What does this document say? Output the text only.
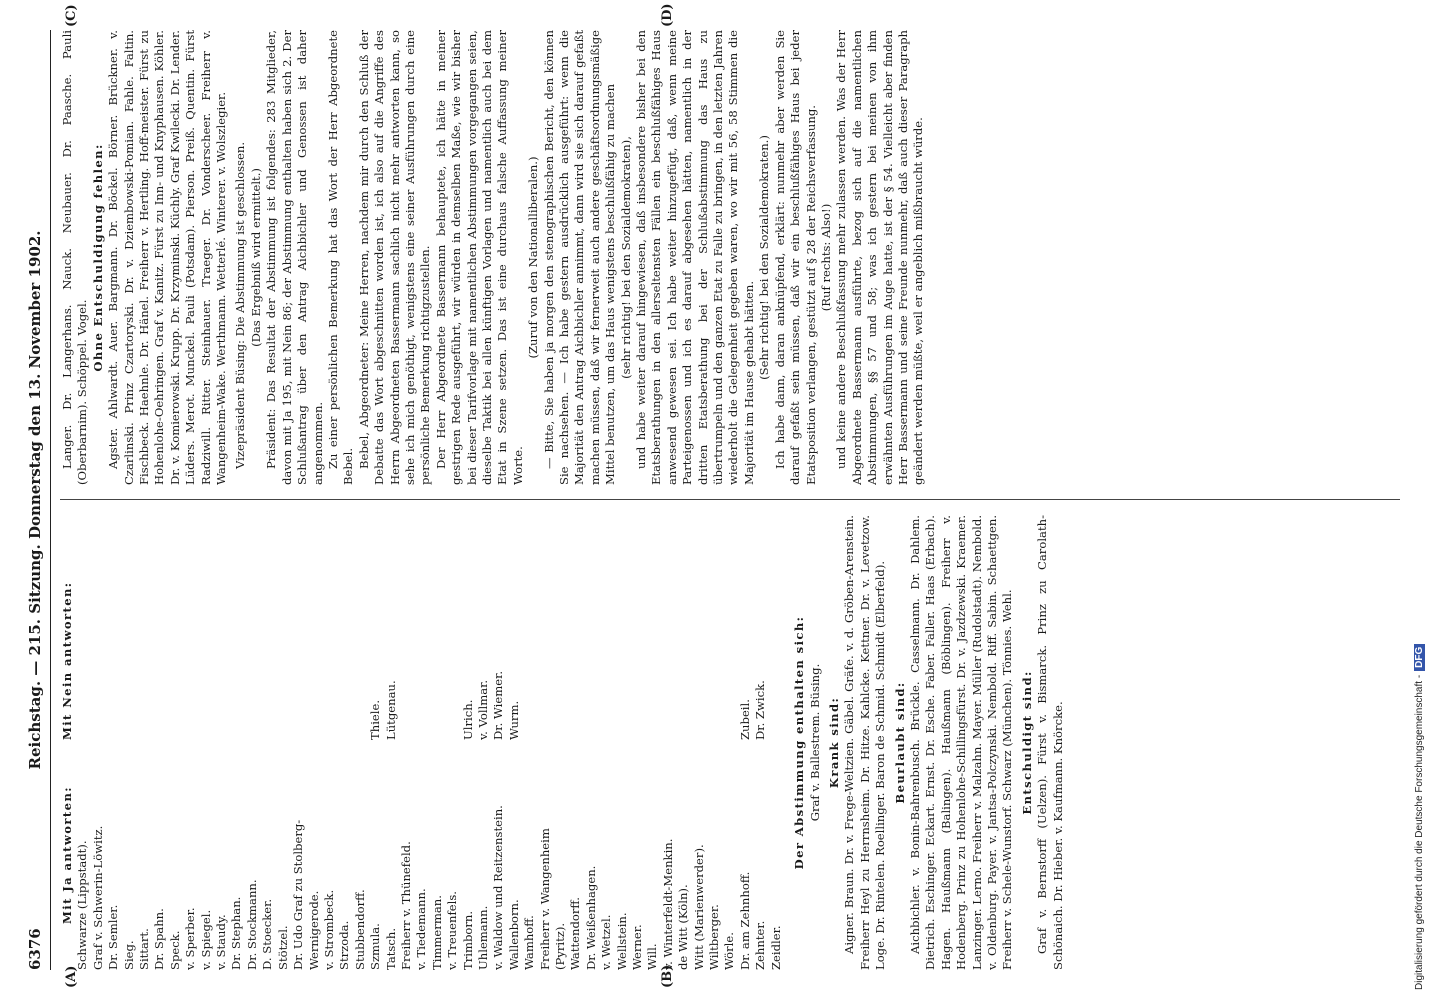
6376
Reichstag. — 215. Sitzung. Donnerstag den 13. November 1902.
(A)	(B)
(C)	(D)
Mit Ja antworten:
Mit Nein antworten:
Schwarze (Lippstadt). Graf v. Schwerin-Löwitz. Dr. Semler. Sieg. Sittart. Dr. Spahn. Speck. v. Sperber. v. Spiegel. v. Staudy. Dr. Stephan. Dr. Stockmann. D. Stoecker. Stötzel. Dr. Udo Graf zu Stolberg- Wernigerode. v. Strombeck. Strzoda. Stubbendorff. Szmula.
Thiele.
Tatsch.
Lütgenau.
Freiherr v. Thünefeld. v. Tiedemann. Timmerman. v. Treuenfels. Trimborn.
Ulrich.
Uhlemann.
v. Vollmar.
v. Waldow und Reitzenstein.
Dr. Wiemer.
Wallenborn.
Wurm.
Wamhoff. Freiherr v. Wangenheim (Pyritz). Wattendorff. Dr. Weißenhagen. v. Wetzel. Wellstein. Werner. Will. v. Winterfeldt-Menkin. de Witt (Köln). Witt (Marienwerder). Wiltberger. Wörle. Dr. am Zehnhoff.
Zubeil.
Zehnter.
Dr. Zwick.
Zeidler.
Der Abstimmung enthalten sich: Graf v. Ballestrem. Büsing. Krank sind: Aigner. Braun. Dr. v. Frege-Weltzien. Gäbel. Gräfe. v. d. Gröben-Arenstein. Freiherr Heyl zu Herrnsheim. Dr. Hitze. Kahlcke. Kettner. Dr. v. Levetzow. Loge. Dr. Rintelen. Roellinger. Baron de Schmid. Schmidt (Elberfeld). Beurlaubt sind: Aichbichler. v. Bonin-Bahrenbusch. Brückle. Casselmann. Dr. Dahlem. Dietrich. Eschinger. Eckart. Ernst. Dr. Esche. Faber. Faller. Haas (Erbach). Hagen. Haußmann (Balingen). Haußmann (Böblingen). Freiherr v. Hodenberg. Prinz zu Hohenlohe-Schillingsfürst. Dr. v. Jazdzewski. Kraemer. Lanzinger. Lerno. Freiherr v. Malzahn. Mayer. Müller (Rudolstadt). Nembold. v. Oldenburg. Payer. v. Jantsa-Polczynski. Nembold. Riff. Sabin. Schaettgen. Freiherr v. Schele-Wunstorf. Schwarz (München). Tönnies. Wehl. Entschuldigt sind: Graf v. Bernstorff (Uelzen). Fürst v. Bismarck. Prinz zu Carolath-Schönaich. Dr. Hieber. v. Kaufmann. Knörcke.
Langer. Dr. Langerhans. Nauck. Neubauer. Dr. Paasche. Pauli (Oberbarnim). Schöppel. Vogel.
Ohne Entschuldigung fehlen: Agster. Ahlwardt. Auer. Bargmann. Dr. Böckel. Börner. Brückner. v. Czarlinski. Prinz Czartoryski. Dr. v. Dziembowski-Pomian. Fahle. Faltin. Fischbeck. Haehnle. Dr. Hänel. Freiherr v. Hertling. Hoff-meister. Fürst zu Hohenlohe-Oehringen. Graf v. Kanitz. Fürst zu Inn- und Knyphausen. Köhler. Dr. v. Komierowski. Krupp. Dr. Krzyminski. Küchly. Graf Kwilecki. Dr. Lender. Lüders. Merot. Munckel. Pauli (Potsdam). Pierson. Preiß. Quentin. Fürst Radziwill. Ritter. Steinhauer. Traeger. Dr. Vonderscheer. Freiherr v. Wangenheim-Wake. Werthmann. Wetterlé. Winterer. v. Wolszlegier. Vizepräsident Büsing: Die Abstimmung ist geschlossen. (Das Ergebniß wird ermittelt.) Präsident: Das Resultat der Abstimmung ist folgendes: 283 Mitglieder, davon mit Ja 195, mit Nein 86; der Abstimmung enthalten haben sich 2. Der Schlußantrag über den Antrag Aichbichler und Genossen ist daher angenommen. Zu einer persönlichen Bemerkung hat das Wort der Herr Abgeordnete Bebel. Bebel, Abgeordneter: Meine Herren, nachdem mir durch den Schluß der Debatte das Wort abgeschnitten worden ist, ich also auf die Angriffe des Herrn Abgeordneten Bassermann sachlich nicht mehr antworten kann, so sehe ich mich genöthigt, wenigstens eine seiner Ausführungen durch eine persönliche Bemerkung richtigzustellen. Der Herr Abgeordnete Bassermann behauptete, ich hätte in meiner gestrigen Rede ausgeführt, wir würden in demselben Maße, wie wir bisher bei dieser Tarifvorlage mit namentlichen Abstimmungen vorgegangen seien, dieselbe Taktik bei allen künftigen Vorlagen und namentlich auch bei dem Etat in Szene setzen. Das ist eine durchaus falsche Auffassung meiner Worte.
(Zuruf von den Nationalliberalen.) — Bitte, Sie haben ja morgen den stenographischen Bericht, den können Sie nachsehen. — Ich habe gestern ausdrücklich ausgeführt: wenn die Majorität den Antrag Aichbichler annimmt, dann wird sie sich darauf gefaßt machen müssen, daß wir fernerweit auch andere geschäftsordnungsmäßige Mittel benutzen, um das Haus wenigstens beschlußfähig zu machen (sehr richtig! bei den Sozialdemokraten), und habe weiter darauf hingewiesen, daß insbesondere bisher bei den Etatsberathungen in den allerseltensten Fällen ein beschlußfähiges Haus anwesend gewesen sei. Ich habe weiter hinzugefügt, daß, wenn meine Parteigenossen und ich es darauf abgesehen hätten, namentlich in der dritten Etatsberathung bei der Schlußabstimmung das Haus zu übertrumpeln und den ganzen Etat zu Falle zu bringen, in den letzten Jahren wiederholt die Gelegenheit gegeben waren, wo wir mit 56, 58 Stimmen die Majorität im Hause gehabt hätten.
(Sehr richtig! bei den Sozialdemokraten.) Ich habe dann, daran anknüpfend, erklärt: nunmehr aber werden Sie darauf gefaßt sein müssen, daß wir ein beschlußfähiges Haus bei jeder Etatsposition verlangen, gestützt auf § 28 der Reichsverfassung. (Ruf rechts: Also!) und keine andere Beschlußfassung mehr zulassen werden. Was der Herr Abgeordnete Bassermann ausführte, bezog sich auf die namentlichen Abstimmungen, §§ 57 und 58; was ich gestern bei meinen von ihm erwähnten Ausführungen im Auge hatte, ist der § 54. Vielleicht aber finden Herr Bassermann und seine Freunde nunmehr, daß auch dieser Paragraph geändert werden müßte, weil er angeblich mißbraucht würde.
Digitalisierung gefördert durch die Deutsche Forschungsgemeinschaft -DFG
